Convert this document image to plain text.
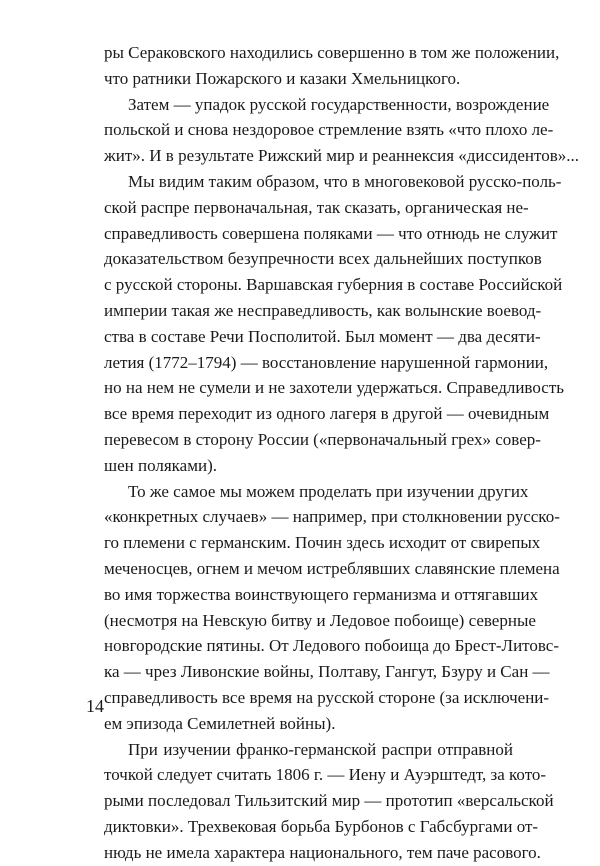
ры Сераковского находились совершенно в том же положении,
что ратники Пожарского и казаки Хмельницкого.
Затем — упадок русской государственности, возрождение
польской и снова нездоровое стремление взять «что плохо ле-
жит». И в результате Рижский мир и реаннексия «диссидентов»...
Мы видим таким образом, что в многовековой русско-поль-
ской распре первоначальная, так сказать, органическая не-
справедливость совершена поляками — что отнюдь не служит
доказательством безупречности всех дальнейших поступков
с русской стороны. Варшавская губерния в составе Российской
империи такая же несправедливость, как волынские воевод-
ства в составе Речи Посполитой. Был момент — два десяти-
летия (1772–1794) — восстановление нарушенной гармонии,
но на нем не сумели и не захотели удержаться. Справедливость
все время переходит из одного лагеря в другой — очевидным
перевесом в сторону России («первоначальный грех» совер-
шен поляками).
То же самое мы можем проделать при изучении других
«конкретных случаев» — например, при столкновении русско-
го племени с германским. Почин здесь исходит от свирепых
меченосцев, огнем и мечом истреблявших славянские племена
во имя торжества воинствующего германизма и оттягавших
(несмотря на Невскую битву и Ледовое побоище) северные
новгородские пятины. От Ледового побоища до Брест-Литовс-
ка — чрез Ливонские войны, Полтаву, Гангут, Бзуру и Сан —
справедливость все время на русской стороне (за исключени-
ем эпизода Семилетней войны).
При изучении франко-германской распри отправной
точкой следует считать 1806 г. — Иену и Ауэрштедт, за кото-
рыми последовал Тильзитский мир — прототип «версальской
диктовки». Трехвековая борьба Бурбонов с Габсбургами от-
нюдь не имела характера национального, тем паче расового.
14
